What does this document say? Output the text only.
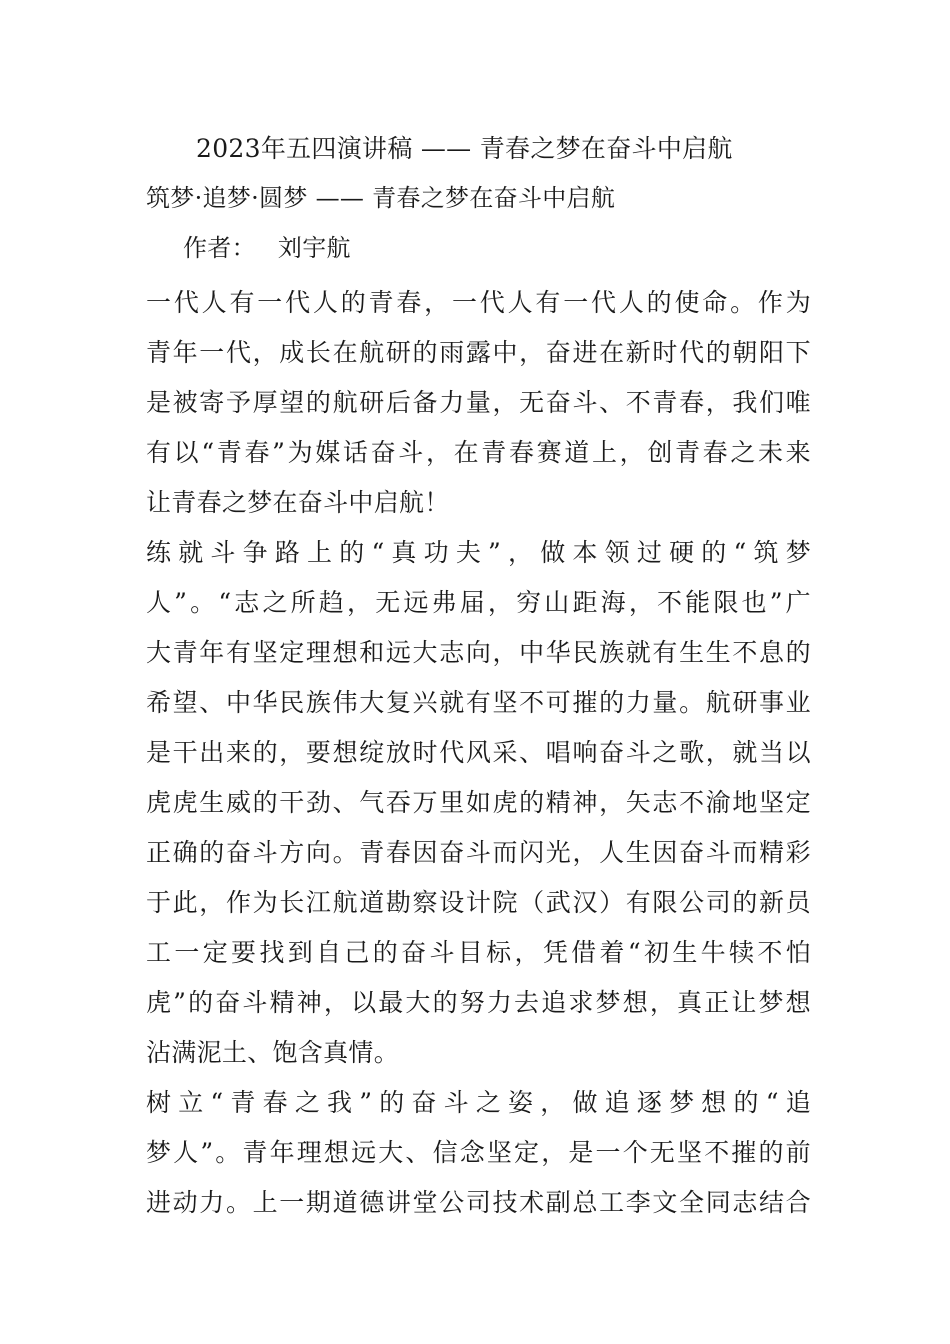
2023年五四演讲稿 —— 青春之梦在奋斗中启航
筑梦·追梦·圆梦 —— 青春之梦在奋斗中启航
作者： 刘宇航
一代人有一代人的青春，一代人有一代人的使命。作为
青年一代，成长在航研的雨露中，奋进在新时代的朝阳下
是被寄予厚望的航研后备力量，无奋斗、不青春，我们唯
有以“青春”为媒话奋斗，在青春赛道上，创青春之未来
让青春之梦在奋斗中启航！
练就斗争路上的“真功夫”，做本领过硬的“筑梦
人”。“志之所趋，无远弗届，穷山距海，不能限也”广
大青年有坚定理想和远大志向，中华民族就有生生不息的
希望、中华民族伟大复兴就有坚不可摧的力量。航研事业
是干出来的，要想绽放时代风采、唱响奋斗之歌，就当以
虎虎生威的干劲、气吞万里如虎的精神，矢志不渝地坚定
正确的奋斗方向。青春因奋斗而闪光，人生因奋斗而精彩
于此，作为长江航道勘察设计院（武汉）有限公司的新员
工一定要找到自己的奋斗目标，凭借着“初生牛犊不怕
虎”的奋斗精神，以最大的努力去追求梦想，真正让梦想
沾满泥土、饱含真情。
树立“青春之我”的奋斗之姿，做追逐梦想的“追
梦人”。青年理想远大、信念坚定，是一个无坚不摧的前
进动力。上一期道德讲堂公司技术副总工李文全同志结合
